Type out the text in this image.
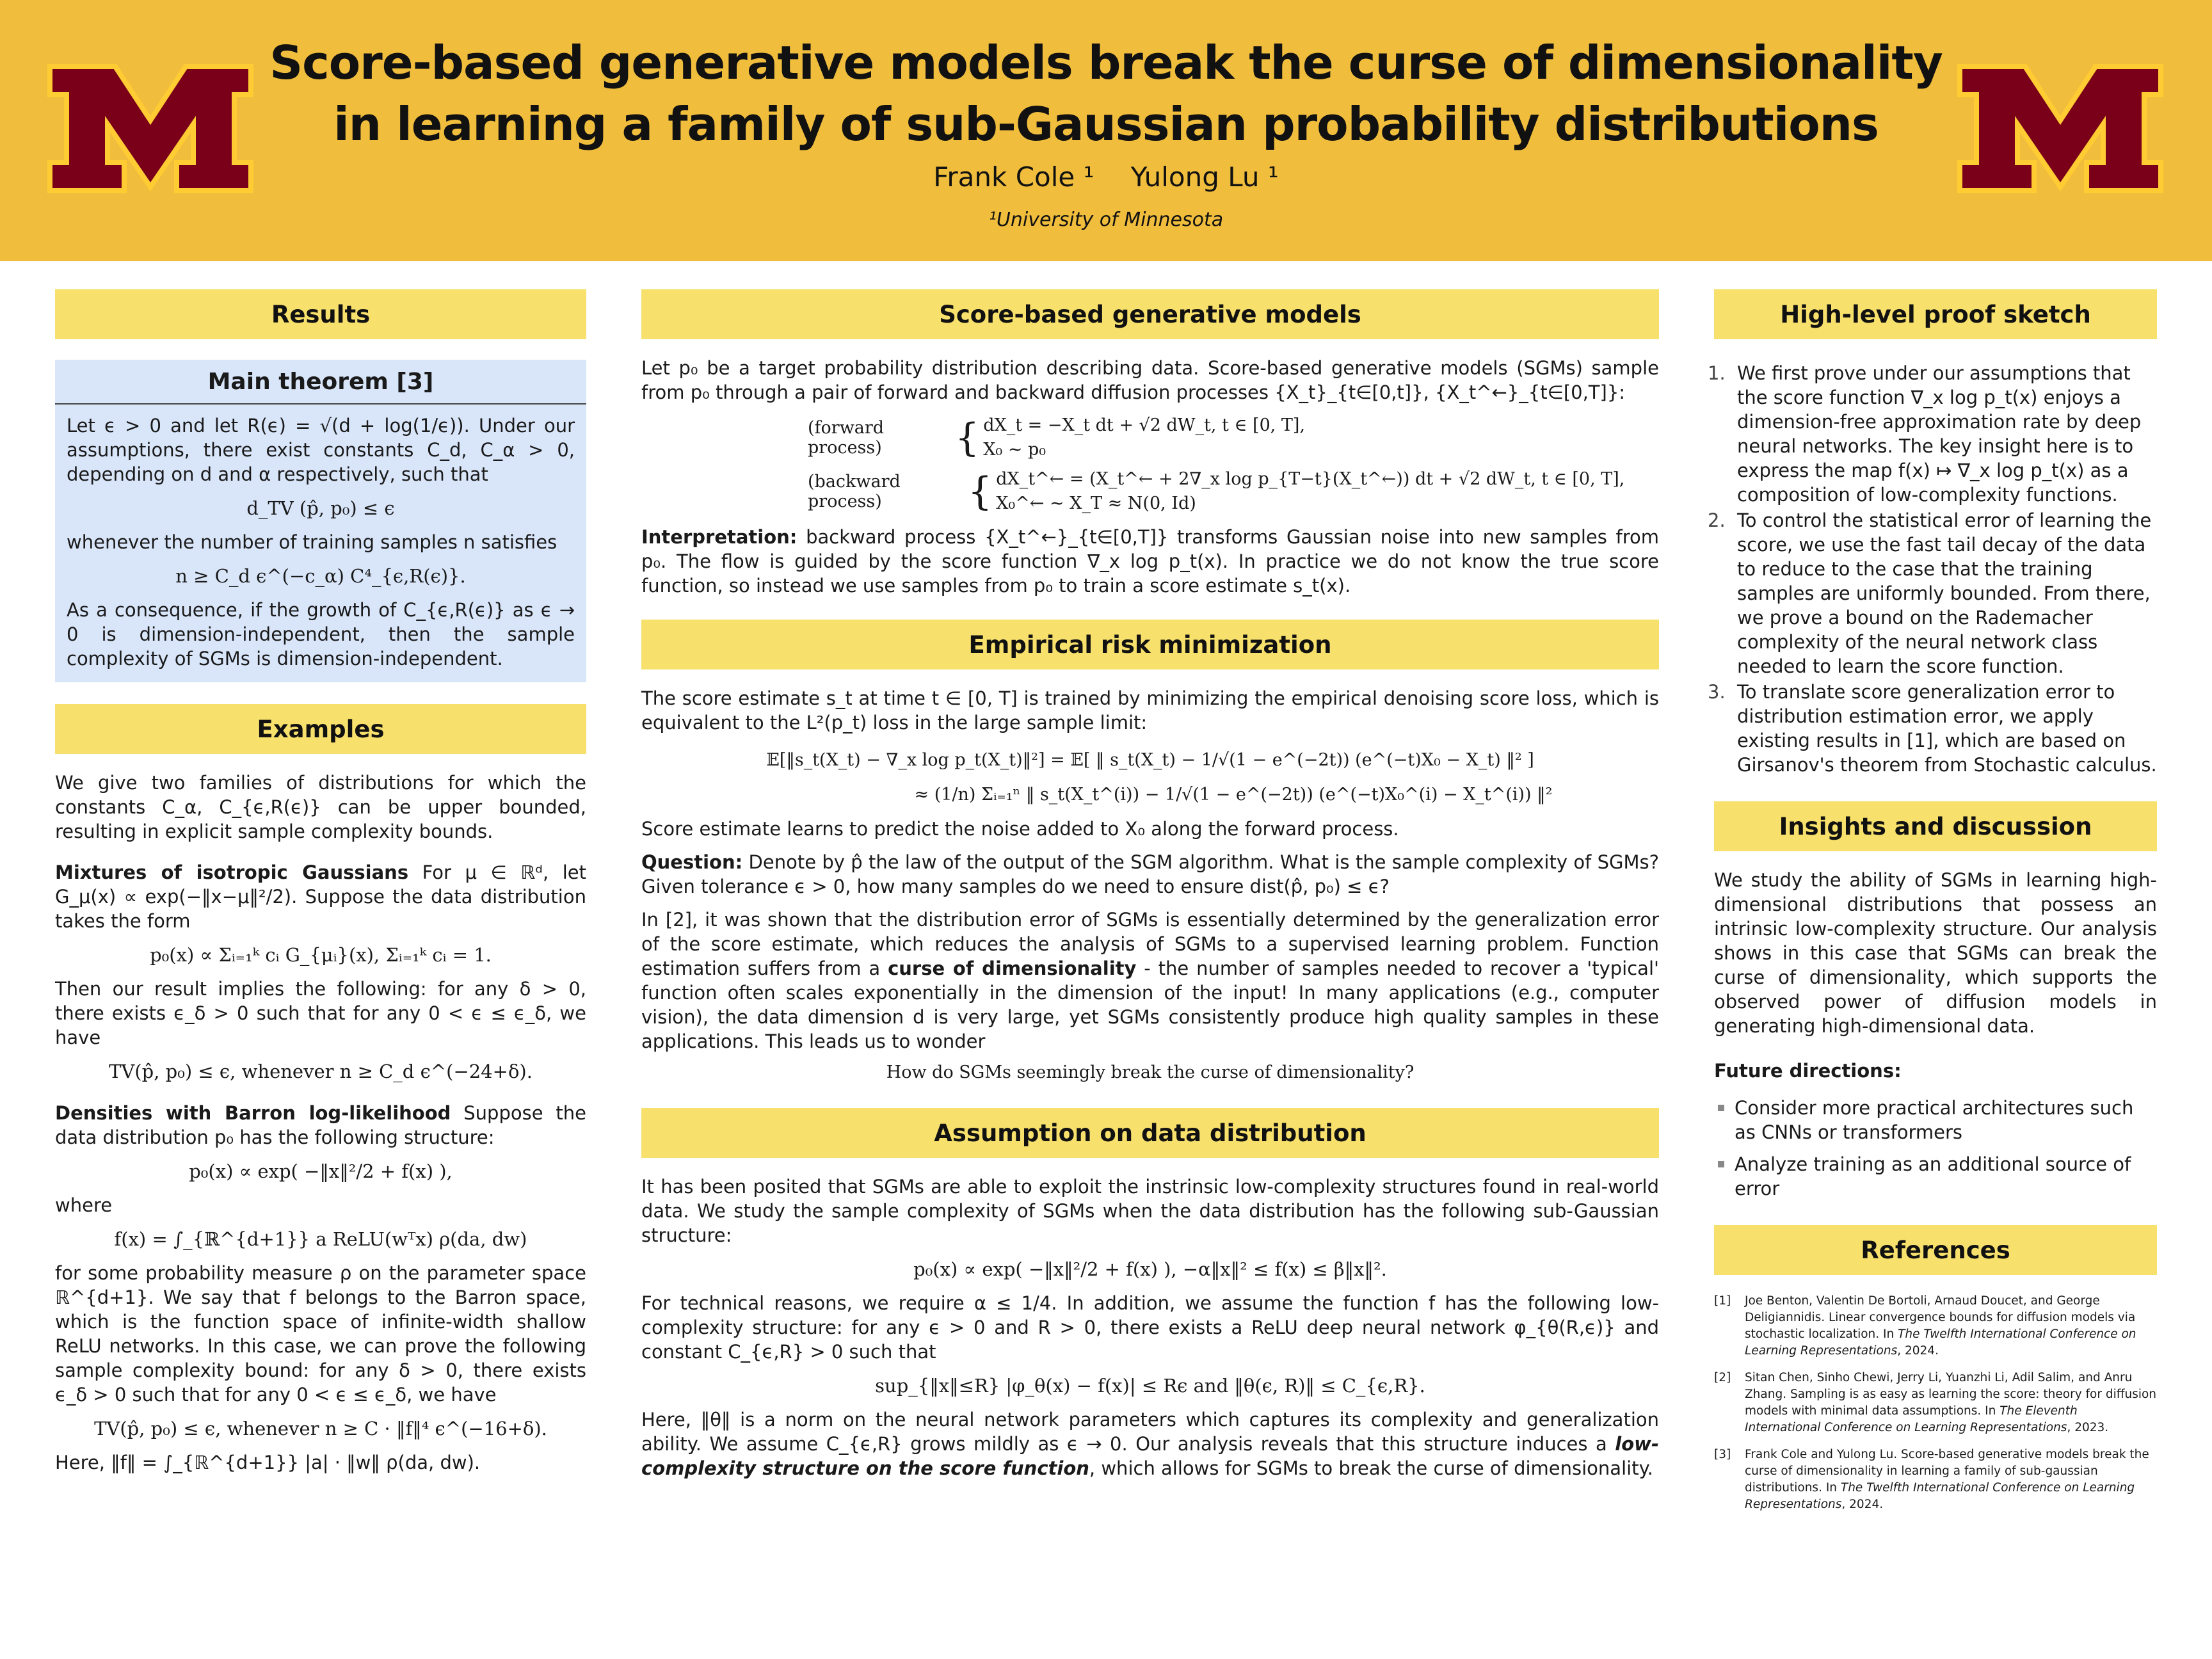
Score-based generative models break the curse of dimensionality
in learning a family of sub-Gaussian probability distributions
Frank Cole ¹ Yulong Lu ¹
¹University of Minnesota
Results
Main theorem [3]
Let ϵ > 0 and let R(ϵ) = √(d + log(1/ϵ)). Under our assumptions, there exist constants C_d, C_α > 0, depending on d and α respectively, such that
d_TV (p̂, p₀) ≤ ϵ
whenever the number of training samples n satisfies
n ≥ C_d ϵ^(−c_α) C⁴_{ϵ,R(ϵ)}.
As a consequence, if the growth of C_{ϵ,R(ϵ)} as ϵ → 0 is dimension-independent, then the sample complexity of SGMs is dimension-independent.
Examples
We give two families of distributions for which the constants C_α, C_{ϵ,R(ϵ)} can be upper bounded, resulting in explicit sample complexity bounds.
Mixtures of isotropic Gaussians For μ ∈ ℝᵈ, let G_μ(x) ∝ exp(−‖x−μ‖²/2). Suppose the data distribution takes the form
p₀(x) ∝ Σᵢ₌₁ᵏ cᵢ G_{μᵢ}(x), Σᵢ₌₁ᵏ cᵢ = 1.
Then our result implies the following: for any δ > 0, there exists ϵ_δ > 0 such that for any 0 < ϵ ≤ ϵ_δ, we have
TV(p̂, p₀) ≤ ϵ, whenever n ≥ C_d ϵ^(−24+δ).
Densities with Barron log-likelihood Suppose the data distribution p₀ has the following structure:
p₀(x) ∝ exp( −‖x‖²/2 + f(x) ),
where
f(x) = ∫_{ℝ^{d+1}} a ReLU(wᵀx) ρ(da, dw)
for some probability measure ρ on the parameter space ℝ^{d+1}. We say that f belongs to the Barron space, which is the function space of infinite-width shallow ReLU networks. In this case, we can prove the following sample complexity bound: for any δ > 0, there exists ϵ_δ > 0 such that for any 0 < ϵ ≤ ϵ_δ, we have
TV(p̂, p₀) ≤ ϵ, whenever n ≥ C · ‖f‖⁴ ϵ^(−16+δ).
Here, ‖f‖ = ∫_{ℝ^{d+1}} |a| · ‖w‖ ρ(da, dw).
Score-based generative models
Let p₀ be a target probability distribution describing data. Score-based generative models (SGMs) sample from p₀ through a pair of forward and backward diffusion processes {X_t}_{t∈[0,t]}, {X_t^←}_{t∈[0,T]}:
(forward process)	{ dX_t = −X_t dt + √2 dW_t, t ∈ [0, T],
X₀ ∼ p₀
(backward process)	{ dX_t^← = (X_t^← + 2∇_x log p_{T−t}(X_t^←)) dt + √2 dW_t, t ∈ [0, T],
X₀^← ∼ X_T ≈ N(0, Id)
Interpretation: backward process {X_t^←}_{t∈[0,T]} transforms Gaussian noise into new samples from p₀. The flow is guided by the score function ∇_x log p_t(x). In practice we do not know the true score function, so instead we use samples from p₀ to train a score estimate s_t(x).
Empirical risk minimization
The score estimate s_t at time t ∈ [0, T] is trained by minimizing the empirical denoising score loss, which is equivalent to the L²(p_t) loss in the large sample limit:
𝔼[‖s_t(X_t) − ∇_x log p_t(X_t)‖²] = 𝔼[ ‖ s_t(X_t) − 1/√(1 − e^(−2t)) (e^(−t)X₀ − X_t) ‖² ]
≈ (1/n) Σᵢ₌₁ⁿ ‖ s_t(X_t^(i)) − 1/√(1 − e^(−2t)) (e^(−t)X₀^(i) − X_t^(i)) ‖²
Score estimate learns to predict the noise added to X₀ along the forward process.
Question: Denote by p̂ the law of the output of the SGM algorithm. What is the sample complexity of SGMs? Given tolerance ϵ > 0, how many samples do we need to ensure dist(p̂, p₀) ≤ ϵ?
In [2], it was shown that the distribution error of SGMs is essentially determined by the generalization error of the score estimate, which reduces the analysis of SGMs to a supervised learning problem. Function estimation suffers from a curse of dimensionality - the number of samples needed to recover a 'typical' function often scales exponentially in the dimension of the input! In many applications (e.g., computer vision), the data dimension d is very large, yet SGMs consistently produce high quality samples in these applications. This leads us to wonder
How do SGMs seemingly break the curse of dimensionality?
Assumption on data distribution
It has been posited that SGMs are able to exploit the instrinsic low-complexity structures found in real-world data. We study the sample complexity of SGMs when the data distribution has the following sub-Gaussian structure:
p₀(x) ∝ exp( −‖x‖²/2 + f(x) ), −α‖x‖² ≤ f(x) ≤ β‖x‖².
For technical reasons, we require α ≤ 1/4. In addition, we assume the function f has the following low-complexity structure: for any ϵ > 0 and R > 0, there exists a ReLU deep neural network φ_{θ(R,ϵ)} and constant C_{ϵ,R} > 0 such that
sup_{‖x‖≤R} |φ_θ(x) − f(x)| ≤ Rϵ and ‖θ(ϵ, R)‖ ≤ C_{ϵ,R}.
Here, ‖θ‖ is a norm on the neural network parameters which captures its complexity and generalization ability. We assume C_{ϵ,R} grows mildly as ϵ → 0. Our analysis reveals that this structure induces a low-complexity structure on the score function, which allows for SGMs to break the curse of dimensionality.
High-level proof sketch
1. We first prove under our assumptions that the score function ∇_x log p_t(x) enjoys a dimension-free approximation rate by deep neural networks. The key insight here is to express the map f(x) ↦ ∇_x log p_t(x) as a composition of low-complexity functions.
2. To control the statistical error of learning the score, we use the fast tail decay of the data to reduce to the case that the training samples are uniformly bounded. From there, we prove a bound on the Rademacher complexity of the neural network class needed to learn the score function.
3. To translate score generalization error to distribution estimation error, we apply existing results in [1], which are based on Girsanov's theorem from Stochastic calculus.
Insights and discussion
We study the ability of SGMs in learning high-dimensional distributions that possess an intrinsic low-complexity structure. Our analysis shows in this case that SGMs can break the curse of dimensionality, which supports the observed power of diffusion models in generating high-dimensional data.
Future directions:
Consider more practical architectures such as CNNs or transformers
Analyze training as an additional source of error
References
[1] Joe Benton, Valentin De Bortoli, Arnaud Doucet, and George Deligiannidis. Linear convergence bounds for diffusion models via stochastic localization. In The Twelfth International Conference on Learning Representations, 2024.
[2] Sitan Chen, Sinho Chewi, Jerry Li, Yuanzhi Li, Adil Salim, and Anru Zhang. Sampling is as easy as learning the score: theory for diffusion models with minimal data assumptions. In The Eleventh International Conference on Learning Representations, 2023.
[3] Frank Cole and Yulong Lu. Score-based generative models break the curse of dimensionality in learning a family of sub-gaussian distributions. In The Twelfth International Conference on Learning Representations, 2024.
